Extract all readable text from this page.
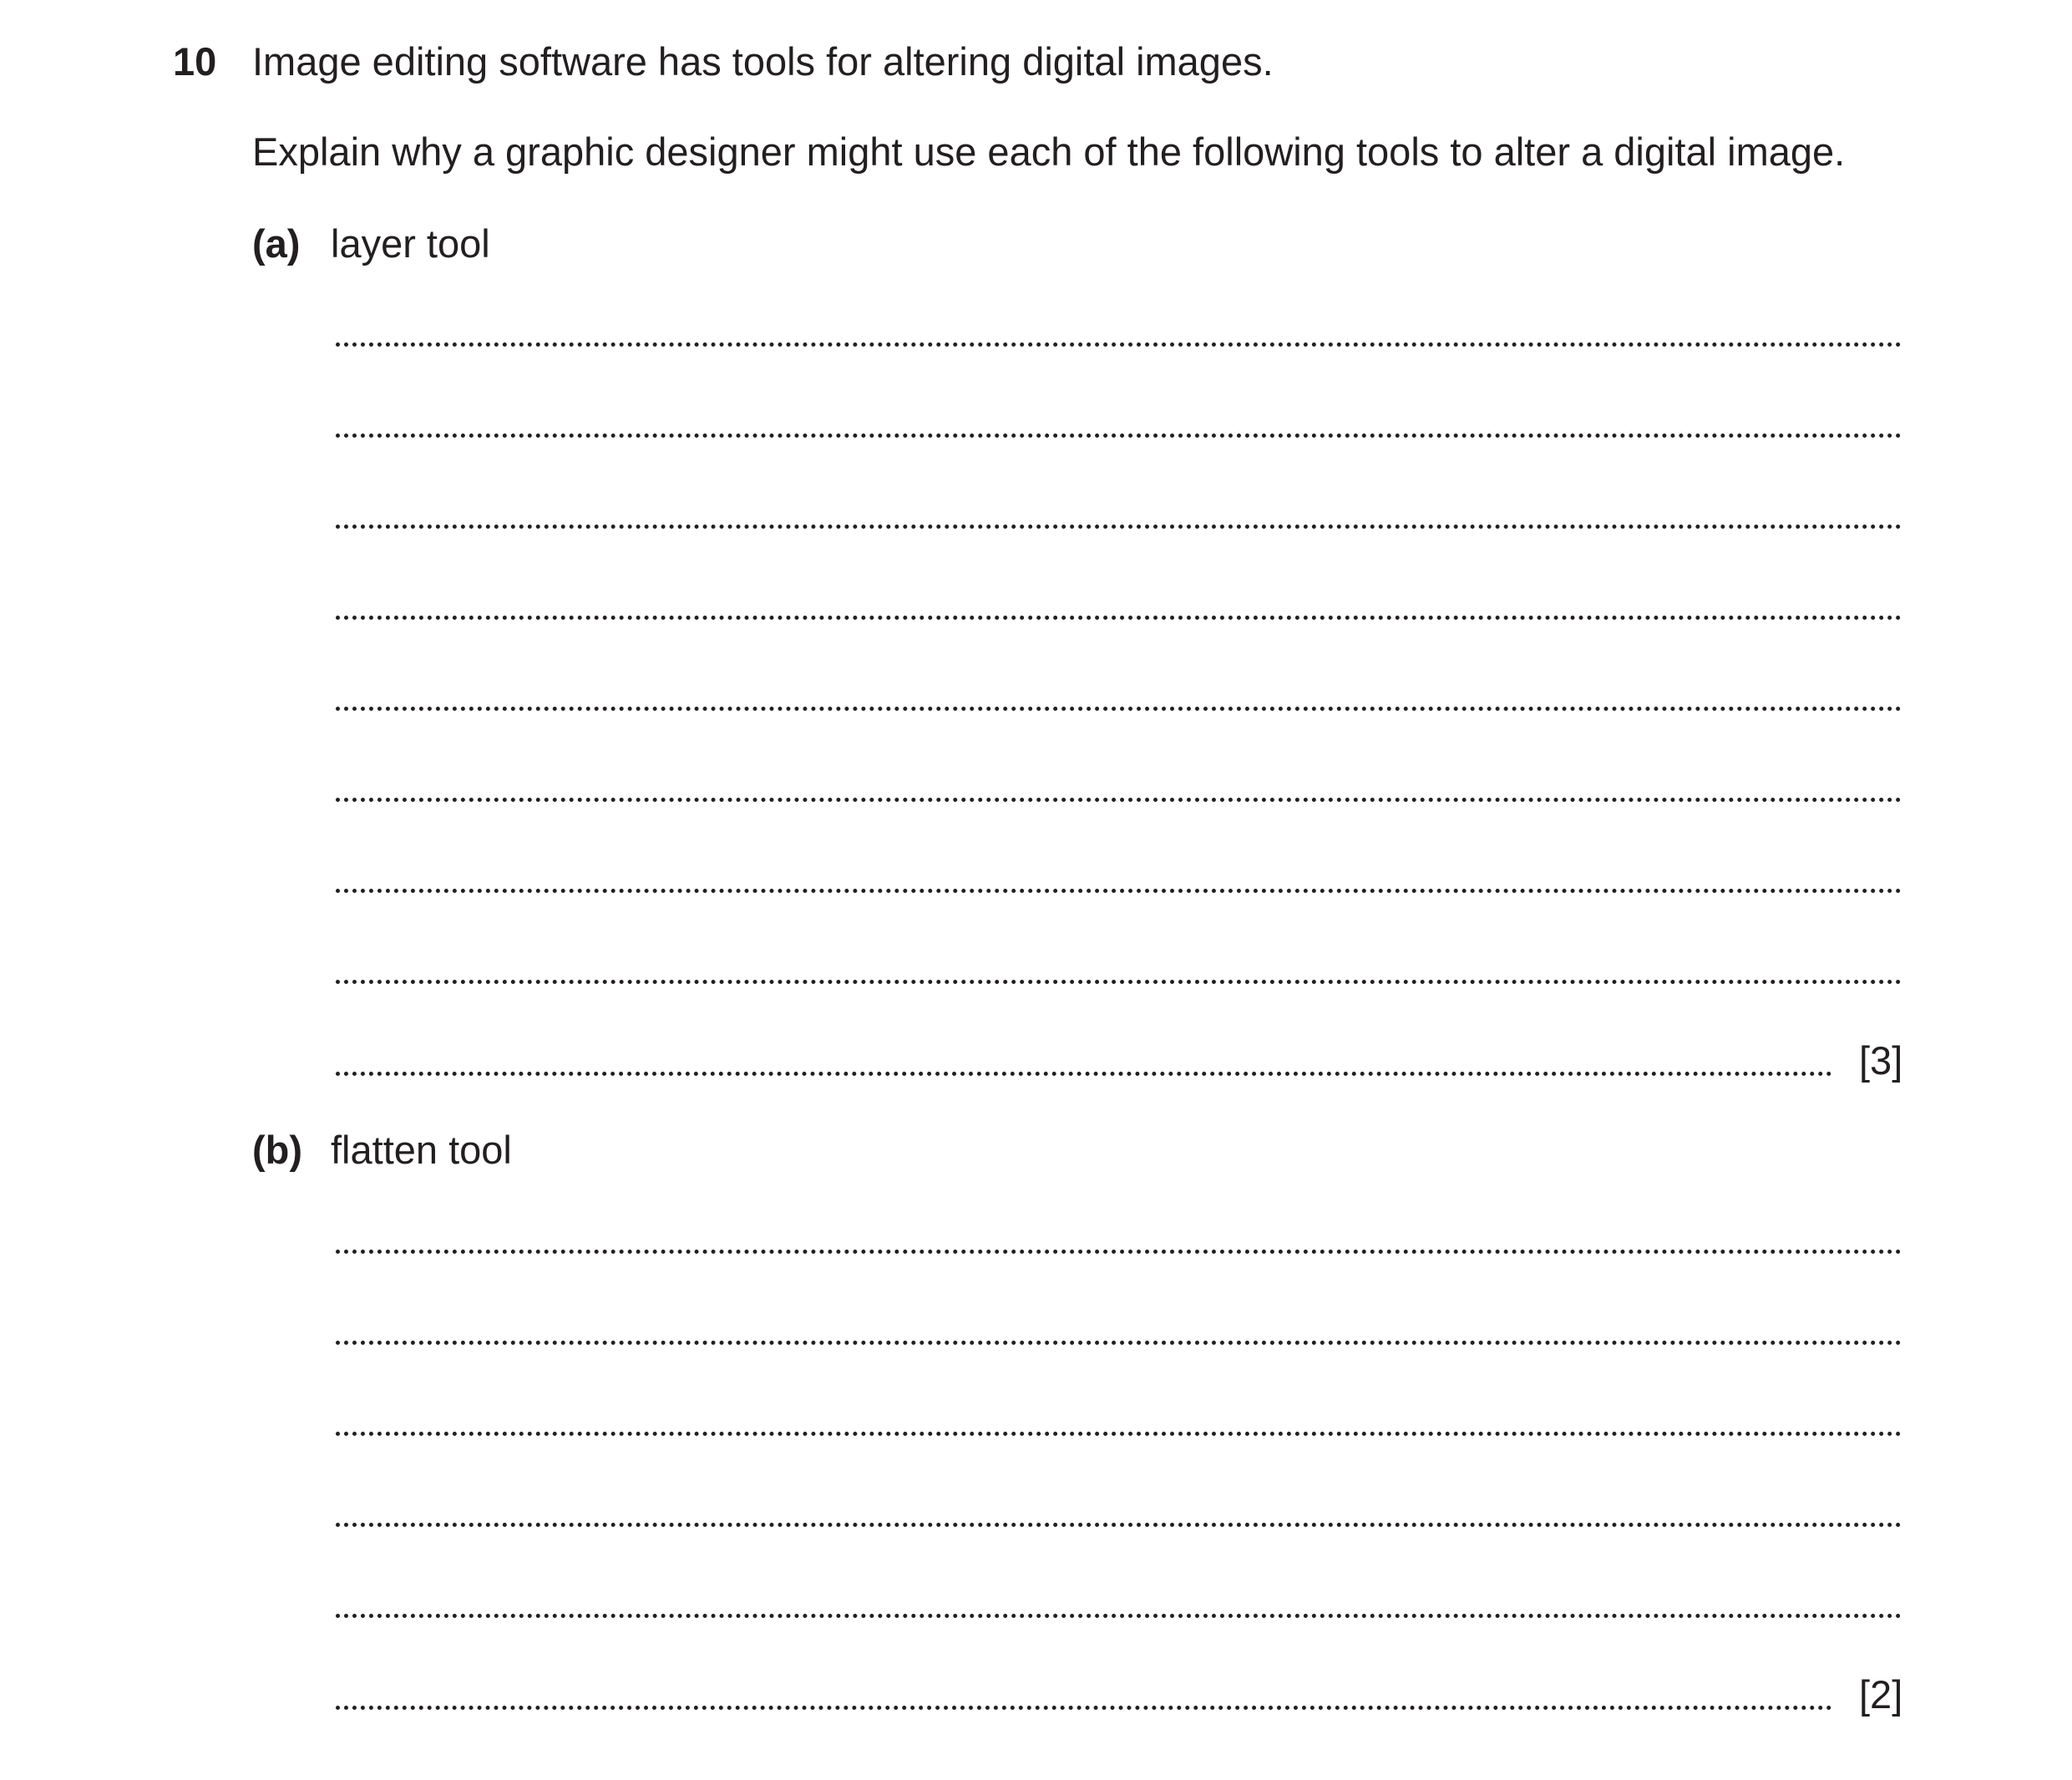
10 Image editing software has tools for altering digital images.
Explain why a graphic designer might use each of the following tools to alter a digital image.
(a) layer tool
[3]
(b) flatten tool
[2]
